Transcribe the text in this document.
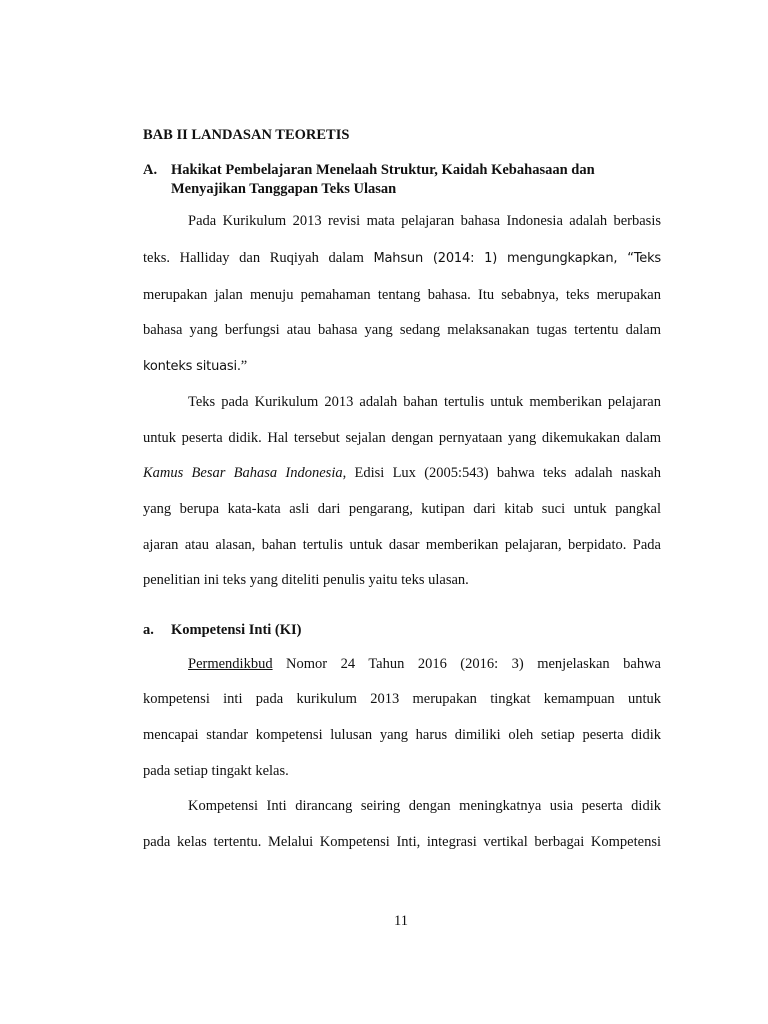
BAB II LANDASAN TEORETIS
A. Hakikat Pembelajaran Menelaah Struktur, Kaidah Kebahasaan dan
Menyajikan Tanggapan Teks Ulasan
Pada Kurikulum 2013 revisi mata pelajaran bahasa Indonesia adalah berbasis
teks. Halliday dan Ruqiyah dalam Mahsun (2014: 1) mengungkapkan, “Teks
merupakan jalan menuju pemahaman tentang bahasa. Itu sebabnya, teks merupakan
bahasa yang berfungsi atau bahasa yang sedang melaksanakan tugas tertentu dalam
konteks situasi.”
Teks pada Kurikulum 2013 adalah bahan tertulis untuk memberikan pelajaran
untuk peserta didik. Hal tersebut sejalan dengan pernyataan yang dikemukakan dalam
Kamus Besar Bahasa Indonesia, Edisi Lux (2005:543) bahwa teks adalah naskah
yang berupa kata-kata asli dari pengarang, kutipan dari kitab suci untuk pangkal
ajaran atau alasan, bahan tertulis untuk dasar memberikan pelajaran, berpidato. Pada
penelitian ini teks yang diteliti penulis yaitu teks ulasan.
a. Kompetensi Inti (KI)
Permendikbud Nomor 24 Tahun 2016 (2016: 3) menjelaskan bahwa
kompetensi inti pada kurikulum 2013 merupakan tingkat kemampuan untuk
mencapai standar kompetensi lulusan yang harus dimiliki oleh setiap peserta didik
pada setiap tingakt kelas.
Kompetensi Inti dirancang seiring dengan meningkatnya usia peserta didik
pada kelas tertentu. Melalui Kompetensi Inti, integrasi vertikal berbagai Kompetensi
11
